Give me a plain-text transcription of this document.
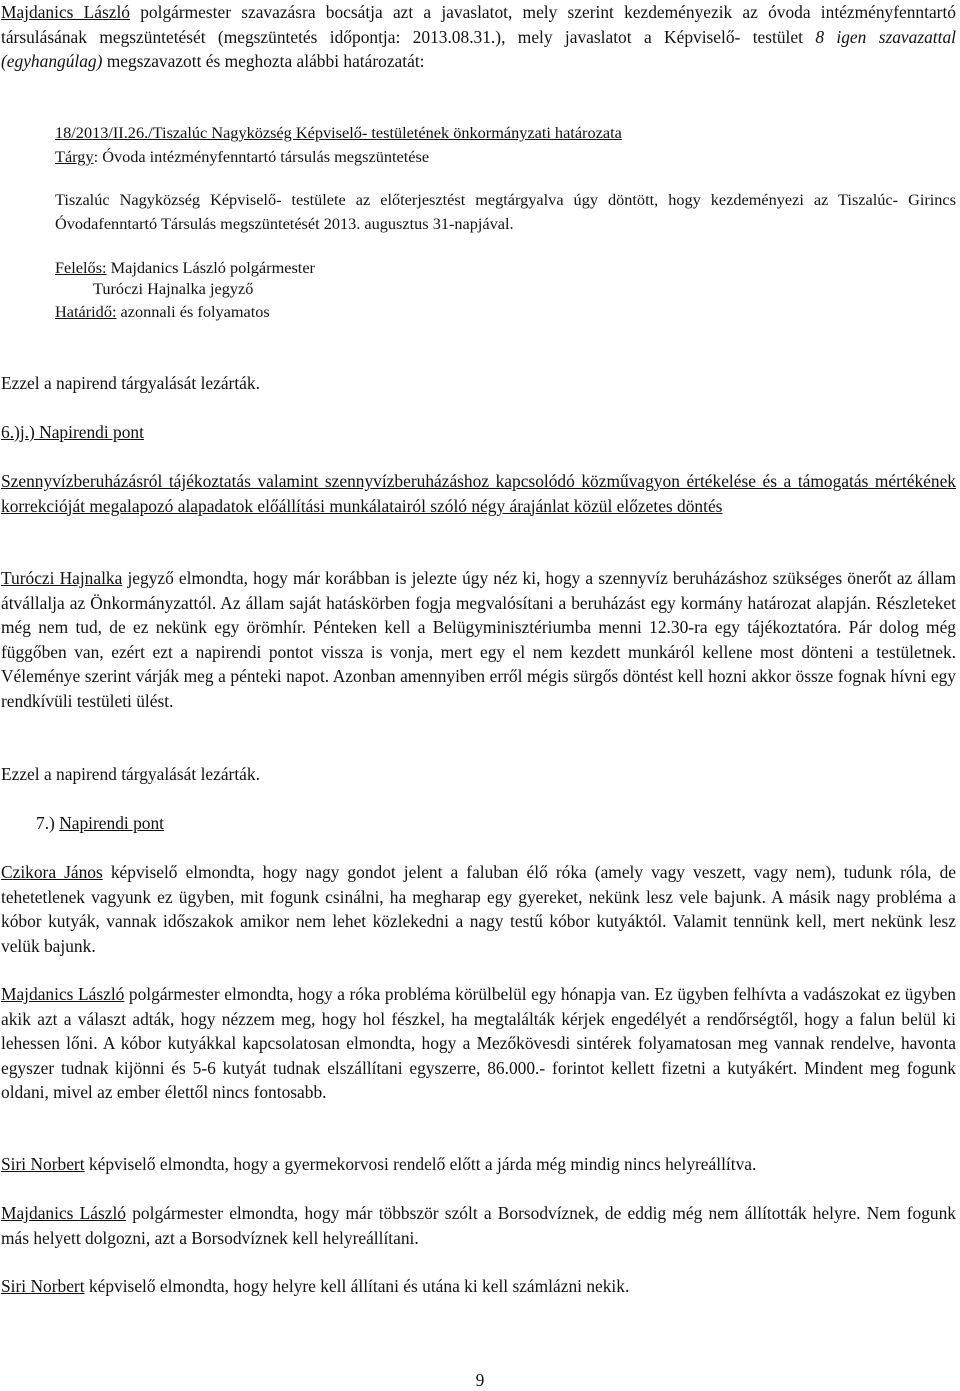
Majdanics László polgármester szavazásra bocsátja azt a javaslatot, mely szerint kezdeményezik az óvoda intézményfenntartó társulásának megszüntetését (megszüntetés időpontja: 2013.08.31.), mely javaslatot a Képviselő- testület 8 igen szavazattal (egyhangúlag) megszavazott és meghozta alábbi határozatát:

18/2013/II.26./Tiszalúc Nagyközség Képviselő- testületének önkormányzati határozata

Tárgy: Óvoda intézményfenntartó társulás megszüntetése

Tiszalúc Nagyközség Képviselő- testülete az előterjesztést megtárgyalva úgy döntött, hogy kezdeményezi az Tiszalúc- Girincs Óvodafenntartó Társulás megszüntetését 2013. augusztus 31-napjával.

Felelős: Majdanics László polgármester

Turóczi Hajnalka jegyző

Határidő: azonnali és folyamatos

Ezzel a napirend tárgyalását lezárták.

6.)j.) Napirendi pont

Szennyvízberuházásról tájékoztatás valamint szennyvízberuházáshoz kapcsolódó közművagyon értékelése és a támogatás mértékének korrekcióját megalapozó alapadatok előállítási munkálatairól szóló négy árajánlat közül előzetes döntés

Turóczi Hajnalka jegyző elmondta, hogy már korábban is jelezte úgy néz ki, hogy a szennyvíz beruházáshoz szükséges önerőt az állam átvállalja az Önkormányzattól. Az állam saját hatáskörben fogja megvalósítani a beruházást egy kormány határozat alapján. Részleteket még nem tud, de ez nekünk egy örömhír. Pénteken kell a Belügyminisztériumba menni 12.30-ra egy tájékoztatóra. Pár dolog még függőben van, ezért ezt a napirendi pontot vissza is vonja, mert egy el nem kezdett munkáról kellene most dönteni a testületnek. Véleménye szerint várják meg a pénteki napot. Azonban amennyiben erről mégis sürgős döntést kell hozni akkor össze fognak hívni egy rendkívüli testületi ülést.

Ezzel a napirend tárgyalását lezárták.

7.) Napirendi pont

Czikora János képviselő elmondta, hogy nagy gondot jelent a faluban élő róka (amely vagy veszett, vagy nem), tudunk róla, de tehetetlenek vagyunk ez ügyben, mit fogunk csinálni, ha megharap egy gyereket, nekünk lesz vele bajunk. A másik nagy probléma a kóbor kutyák, vannak időszakok amikor nem lehet közlekedni a nagy testű kóbor kutyáktól. Valamit tennünk kell, mert nekünk lesz velük bajunk.

Majdanics László polgármester elmondta, hogy a róka probléma körülbelül egy hónapja van. Ez ügyben felhívta a vadászokat ez ügyben akik azt a választ adták, hogy nézzem meg, hogy hol fészkel, ha megtalálták kérjek engedélyét a rendőrségtől, hogy a falun belül ki lehessen lőni. A kóbor kutyákkal kapcsolatosan elmondta, hogy a Mezőkövesdi sintérek folyamatosan meg vannak rendelve, havonta egyszer tudnak kijönni és 5-6 kutyát tudnak elszállítani egyszerre, 86.000.- forintot kellett fizetni a kutyákért. Mindent meg fogunk oldani, mivel az ember élettől nincs fontosabb.

Siri Norbert képviselő elmondta, hogy a gyermekorvosi rendelő előtt a járda még mindig nincs helyreállítva.

Majdanics László polgármester elmondta, hogy már többször szólt a Borsodvíznek, de eddig még nem állították helyre. Nem fogunk más helyett dolgozni, azt a Borsodvíznek kell helyreállítani.

Siri Norbert képviselő elmondta, hogy helyre kell állítani és utána ki kell számlázni nekik.

9
